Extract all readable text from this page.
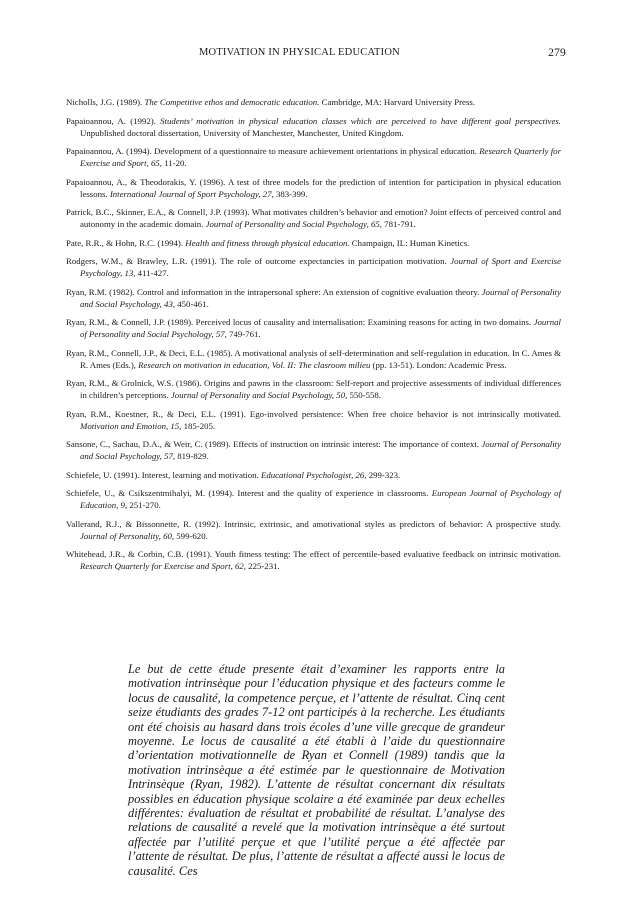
MOTIVATION IN PHYSICAL EDUCATION	279

Nicholls, J.G. (1989). The Competitive ethos and democratic education. Cambridge, MA: Harvard University Press.

Papaioannou, A. (1992). Students’ motivation in physical education classes which are perceived to have different goal perspectives. Unpublished doctoral dissertation, University of Manchester, Manchester, United Kingdom.

Papaioannou, A. (1994). Development of a questionnaire to measure achievement orientations in physical education. Research Quarterly for Exercise and Sport, 65, 11-20.

Papaioannou, A., & Theodorakis, Y. (1996). A test of three models for the prediction of intention for participation in physical education lessons. International Journal of Sport Psychology, 27, 383-399.

Patrick, B.C., Skinner, E.A., & Connell, J.P. (1993). What motivates children’s behavior and emotion? Joint effects of perceived control and autonomy in the academic domain. Journal of Personality and Social Psychology, 65, 781-791.

Pate, R.R., & Hohn, R.C. (1994). Health and fitness through physical education. Champaign, IL: Human Kinetics.

Rodgers, W.M., & Brawley, L.R. (1991). The role of outcome expectancies in participation motivation. Journal of Sport and Exercise Psychology, 13, 411-427.

Ryan, R.M. (1982). Control and information in the intrapersonal sphere: An extension of cognitive evaluation theory. Journal of Personality and Social Psychology, 43, 450-461.

Ryan, R.M., & Connell, J.P. (1989). Perceived locus of causality and internalisation: Examining reasons for acting in two domains. Journal of Personality and Social Psychology, 57, 749-761.

Ryan, R.M., Connell, J.P., & Deci, E.L. (1985). A motivational analysis of self-determination and self-regulation in education. In C. Ames & R. Ames (Eds.), Research on motivation in education, Vol. II: The clasroom milieu (pp. 13-51). London: Academic Press.

Ryan, R.M., & Grolnick, W.S. (1986). Origins and pawns in the classroom: Self-report and projective assessments of individual differences in children’s perceptions. Journal of Personality and Social Psychology, 50, 550-558.

Ryan, R.M., Koestner, R., & Deci, E.L. (1991). Ego-involved persistence: When free choice behavior is not intrinsically motivated. Motivation and Emotion, 15, 185-205.

Sansone, C., Sachau, D.A., & Weir, C. (1989). Effects of instruction on intrinsic interest: The importance of context. Journal of Personality and Social Psychology, 57, 819-829.

Schiefele, U. (1991). Interest, learning and motivation. Educational Psychologist, 26, 299-323.

Schiefele, U., & Csikszentmihalyi, M. (1994). Interest and the quality of experience in classrooms. European Journal of Psychology of Education, 9, 251-270.

Vallerand, R.J., & Bissonnette, R. (1992). Intrinsic, extrinsic, and amotivational styles as predictors of behavior: A prospective study. Journal of Personality, 60, 599-620.

Whitehead, J.R., & Corbin, C.B. (1991). Youth fitness testing: The effect of percentile-based evaluative feedback on intrinsic motivation. Research Quarterly for Exercise and Sport, 62, 225-231.

Le but de cette étude presente était d’examiner les rapports entre la motivation intrinsèque pour l’éducation physique et des facteurs comme le locus de causalité, la competence perçue, et l’attente de résultat. Cinq cent seize étudiants des grades 7-12 ont participés à la recherche. Les étudiants ont été choisis au hasard dans trois écoles d’une ville grecque de grandeur moyenne. Le locus de causalité a été établi à l’aide du questionnaire d’orientation motivationnelle de Ryan et Connell (1989) tandis que la motivation intrinsèque a été estimée par le questionnaire de Motivation Intrinsèque (Ryan, 1982). L’attente de résultat concernant dix résultats possibles en éducation physique scolaire a été examinée par deux echelles différentes: évaluation de résultat et probabilité de résultat. L’analyse des relations de causalité a revelé que la motivation intrinsèque a été surtout affectée par l’utilité perçue et que l’utilité perçue a été affectée par l’attente de résultat. De plus, l’attente de résultat a affecté aussi le locus de causalité. Ces
